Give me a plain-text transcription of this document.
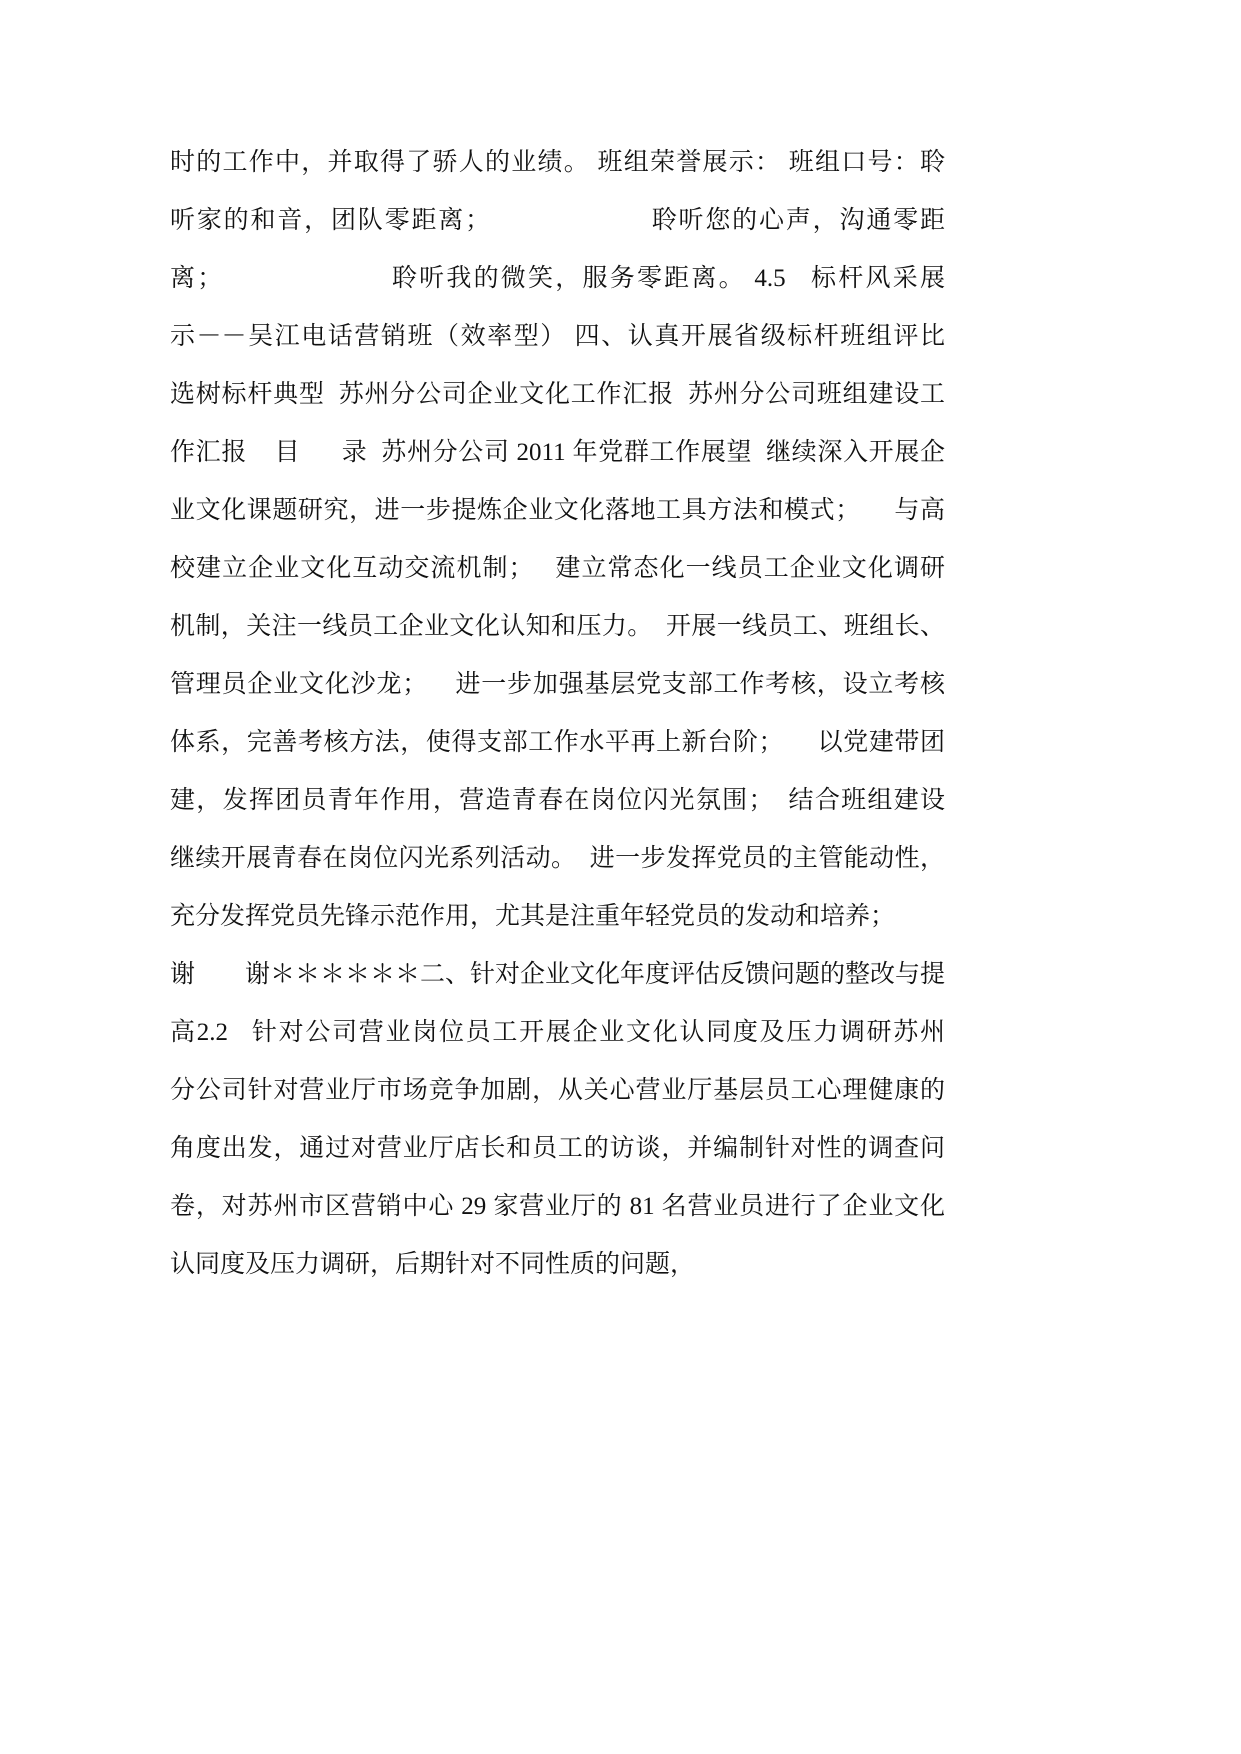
时的工作中，并取得了骄人的业绩。 班组荣誉展示： 班组口号：聆
听家的和音，团队零距离；                    聆听您的心声，沟通零距
离；                    聆听我的微笑，服务零距离。 4.5   标杆风采展
示－－吴江电话营销班（效率型） 四、认真开展省级标杆班组评比
选树标杆典型  苏州分公司企业文化工作汇报  苏州分公司班组建设工
作汇报    目      录  苏州分公司 2011 年党群工作展望  继续深入开展企
业文化课题研究，进一步提炼企业文化落地工具方法和模式；     与高
校建立企业文化互动交流机制；   建立常态化一线员工企业文化调研
机制，关注一线员工企业文化认知和压力。  开展一线员工、班组长、
管理员企业文化沙龙；    进一步加强基层党支部工作考核，设立考核
体系，完善考核方法，使得支部工作水平再上新台阶；     以党建带团
建，发挥团员青年作用，营造青春在岗位闪光氛围；  结合班组建设
继续开展青春在岗位闪光系列活动。  进一步发挥党员的主管能动性，
充分发挥党员先锋示范作用，尤其是注重年轻党员的发动和培养；
谢        谢＊＊＊＊＊＊二、针对企业文化年度评估反馈问题的整改与提
高2.2   针对公司营业岗位员工开展企业文化认同度及压力调研苏州
分公司针对营业厅市场竞争加剧，从关心营业厅基层员工心理健康的
角度出发，通过对营业厅店长和员工的访谈，并编制针对性的调查问
卷，对苏州市区营销中心 29 家营业厅的 81 名营业员进行了企业文化
认同度及压力调研，后期针对不同性质的问题，
